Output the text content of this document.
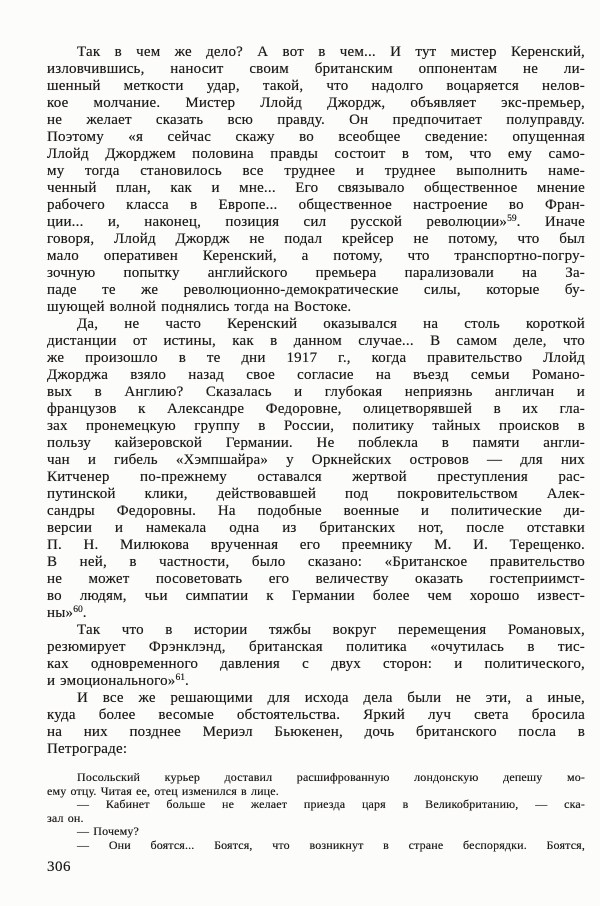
Так в чем же дело? А вот в чем... И тут мистер Керенский,
изловчившись, наносит своим британским оппонентам не ли-
шенный меткости удар, такой, что надолго воцаряется нелов-
кое молчание. Мистер Ллойд Джордж, объявляет экс-премьер,
не желает сказать всю правду. Он предпочитает полуправду.
Поэтому «я сейчас скажу во всеобщее сведение: опущенная
Ллойд Джорджем половина правды состоит в том, что ему само-
му тогда становилось все труднее и труднее выполнить наме-
ченный план, как и мне... Его связывало общественное мнение
рабочего класса в Европе... общественное настроение во Фран-
ции... и, наконец, позиция сил русской революции»$^{59}$. Иначе
говоря, Ллойд Джордж не подал крейсер не потому, что был
мало оперативен Керенский, а потому, что транспортно-погру-
зочную попытку английского премьера парализовали на За-
паде те же революционно-демократические силы, которые бу-
шующей волной поднялись тогда на Востоке.
Да, не часто Керенский оказывался на столь короткой
дистанции от истины, как в данном случае... В самом деле, что
же произошло в те дни 1917 г., когда правительство Ллойд
Джорджа взяло назад свое согласие на въезд семьи Романо-
вых в Англию? Сказалась и глубокая неприязнь англичан и
французов к Александре Федоровне, олицетворявшей в их гла-
зах пронемецкую группу в России, политику тайных происков в
пользу кайзеровской Германии. Не поблекла в памяти англи-
чан и гибель «Хэмпшайра» у Оркнейских островов — для них
Китченер по-прежнему оставался жертвой преступления рас-
путинской клики, действовавшей под покровительством Алек-
сандры Федоровны. На подобные военные и политические ди-
версии и намекала одна из британских нот, после отставки
П. Н. Милюкова врученная его преемнику М. И. Терещенко.
В ней, в частности, было сказано: «Британское правительство
не может посоветовать его величеству оказать гостеприимст-
во людям, чьи симпатии к Германии более чем хорошо извест-
ны»$^{60}$.
Так что в истории тяжбы вокруг перемещения Романовых,
резюмирует Фрэнклэнд, британская политика «очутилась в тис-
ках одновременного давления с двух сторон: и политического,
и эмоционального»$^{61}$.
И все же решающими для исхода дела были не эти, а иные,
куда более весомые обстоятельства. Яркий луч света бросила
на них позднее Мериэл Бьюкенен, дочь британского посла в
Петрограде:
Посольский курьер доставил расшифрованную лондонскую депешу мо-
ему отцу. Читая ее, отец изменился в лице.
— Кабинет больше не желает приезда царя в Великобританию, — ска-
зал он.
— Почему?
— Они боятся... Боятся, что возникнут в стране беспорядки. Боятся,
306
